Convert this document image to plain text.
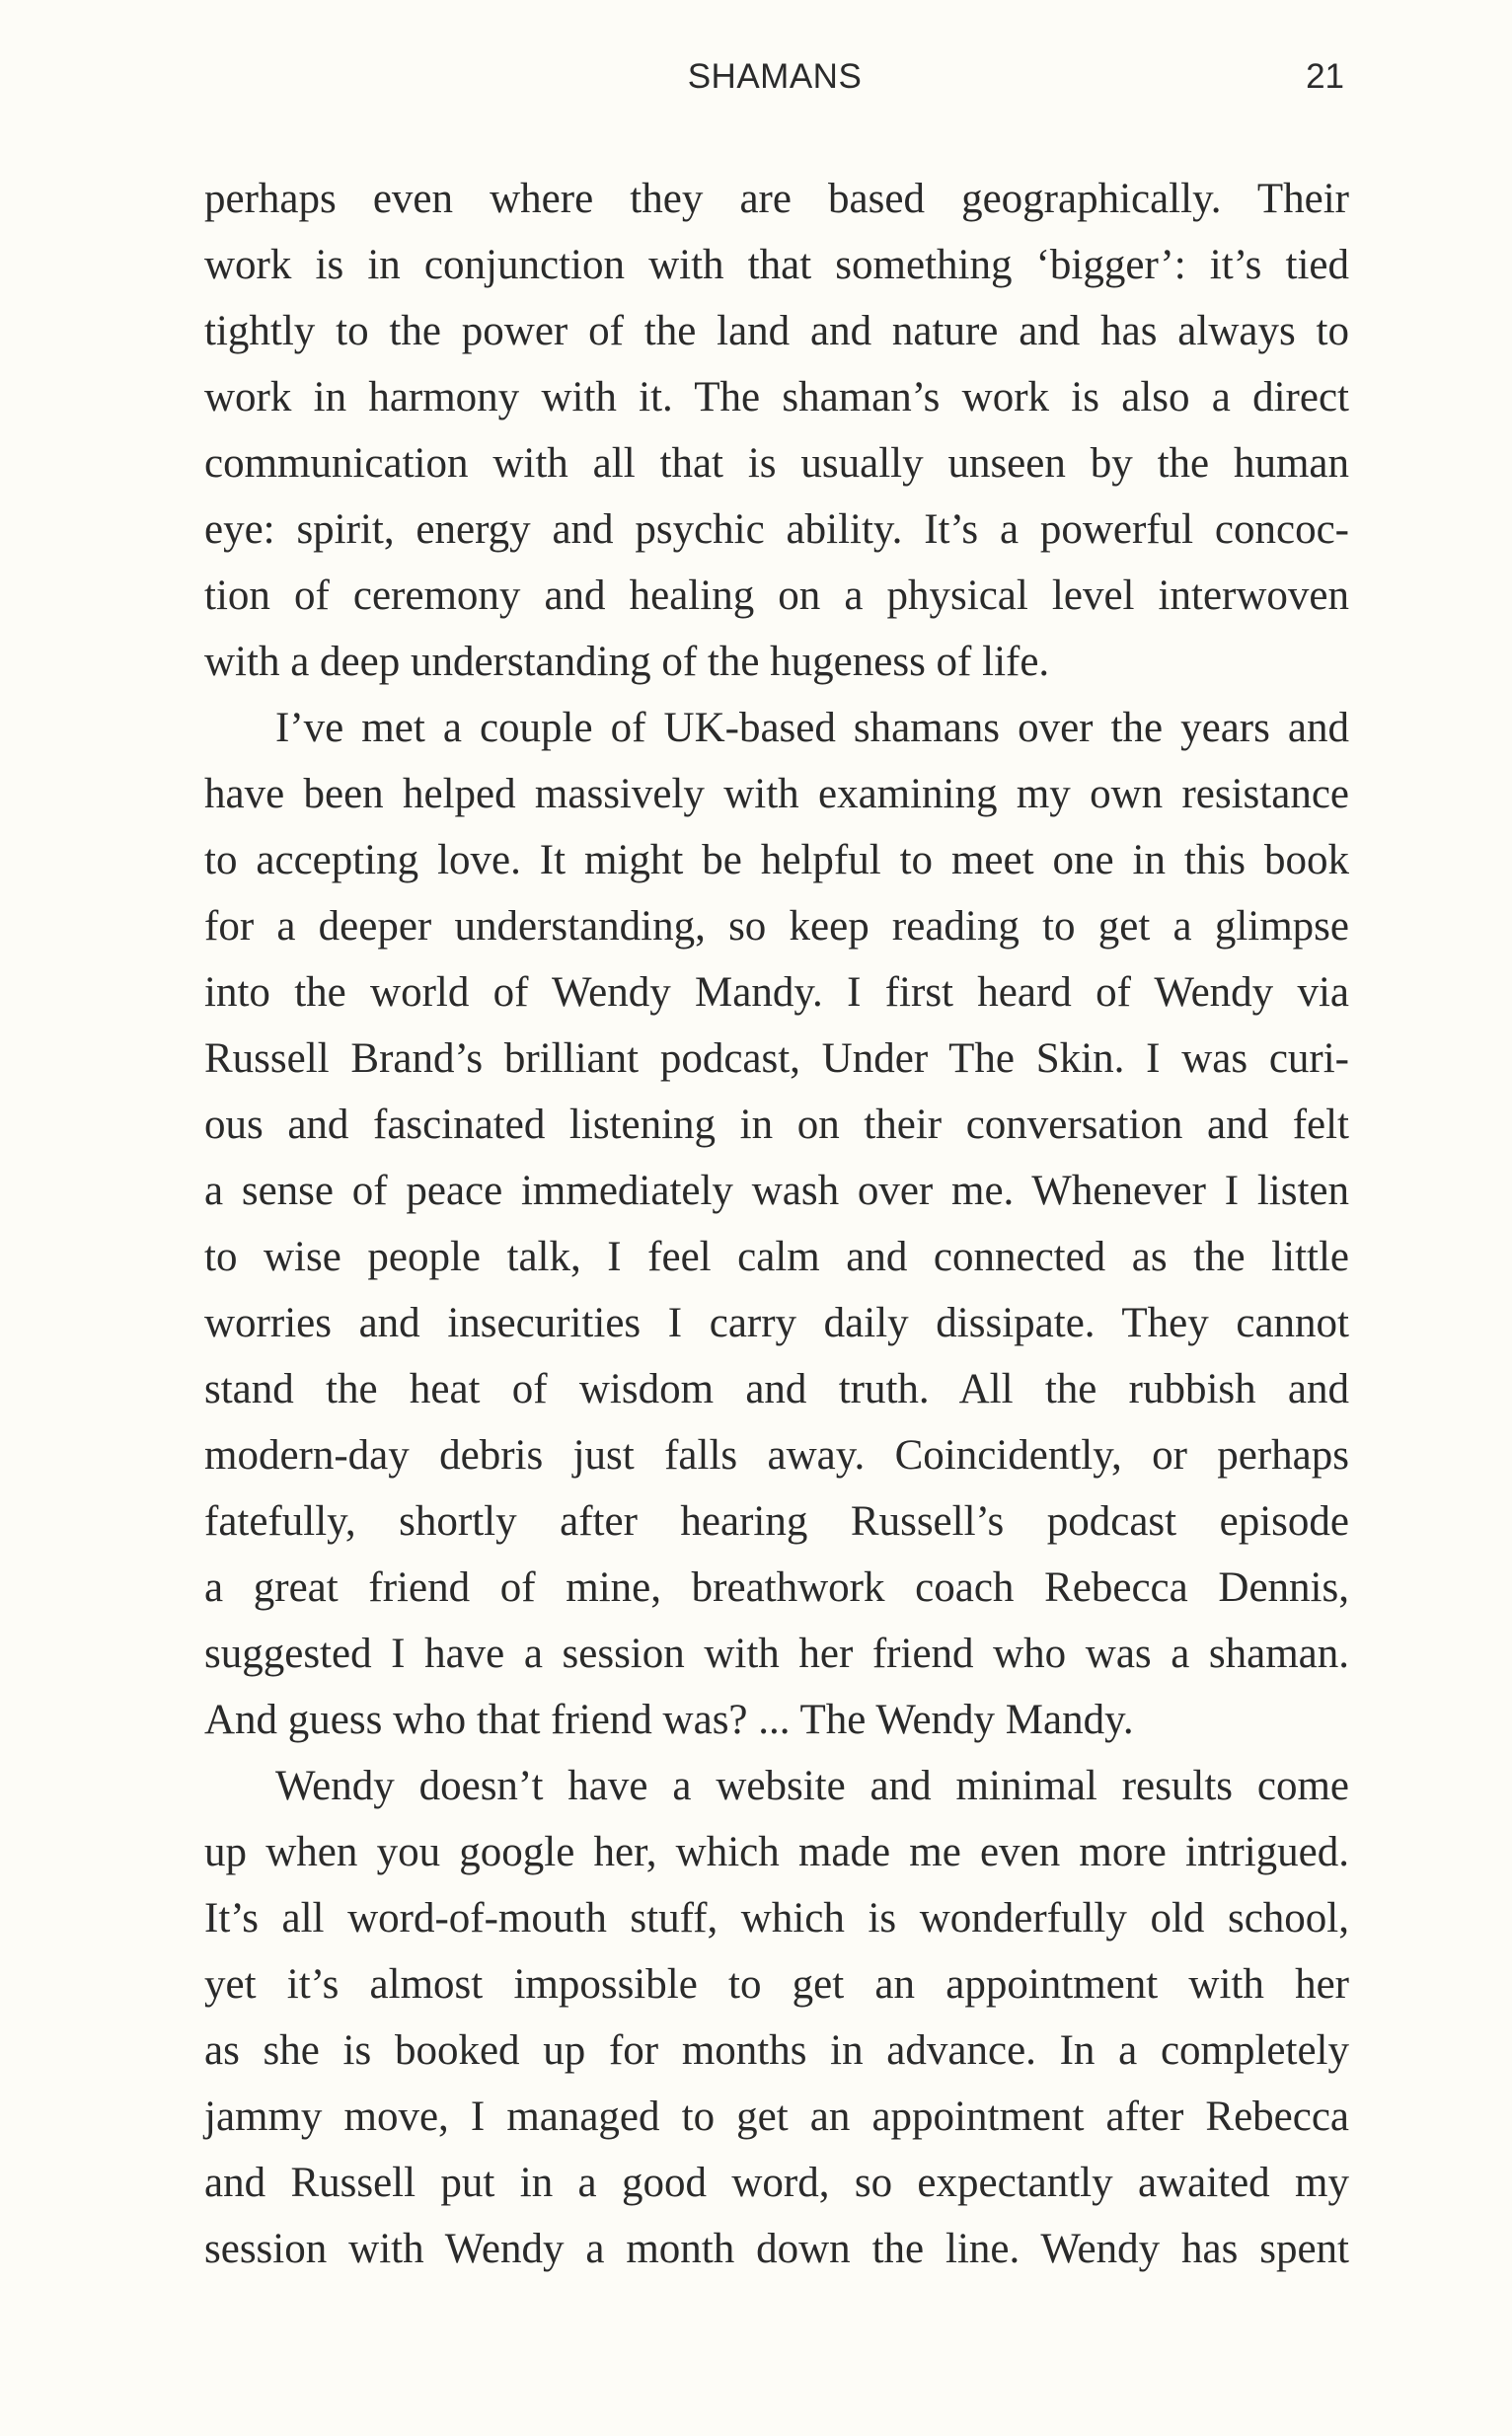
SHAMANS	21
perhaps even where they are based geographically. Their
work is in conjunction with that something ‘bigger’: it’s tied
tightly to the power of the land and nature and has always to
work in harmony with it. The shaman’s work is also a direct
communication with all that is usually unseen by the human
eye: spirit, energy and psychic ability. It’s a powerful concoc-
tion of ceremony and healing on a physical level interwoven
with a deep understanding of the hugeness of life.
I’ve met a couple of UK-based shamans over the years and
have been helped massively with examining my own resistance
to accepting love. It might be helpful to meet one in this book
for a deeper understanding, so keep reading to get a glimpse
into the world of Wendy Mandy. I first heard of Wendy via
Russell Brand’s brilliant podcast, Under The Skin. I was curi-
ous and fascinated listening in on their conversation and felt
a sense of peace immediately wash over me. Whenever I listen
to wise people talk, I feel calm and connected as the little
worries and insecurities I carry daily dissipate. They cannot
stand the heat of wisdom and truth. All the rubbish and
modern-day debris just falls away. Coincidently, or perhaps
fatefully, shortly after hearing Russell’s podcast episode
a great friend of mine, breathwork coach Rebecca Dennis,
suggested I have a session with her friend who was a shaman.
And guess who that friend was? ... The Wendy Mandy.
Wendy doesn’t have a website and minimal results come
up when you google her, which made me even more intrigued.
It’s all word-of-mouth stuff, which is wonderfully old school,
yet it’s almost impossible to get an appointment with her
as she is booked up for months in advance. In a completely
jammy move, I managed to get an appointment after Rebecca
and Russell put in a good word, so expectantly awaited my
session with Wendy a month down the line. Wendy has spent
